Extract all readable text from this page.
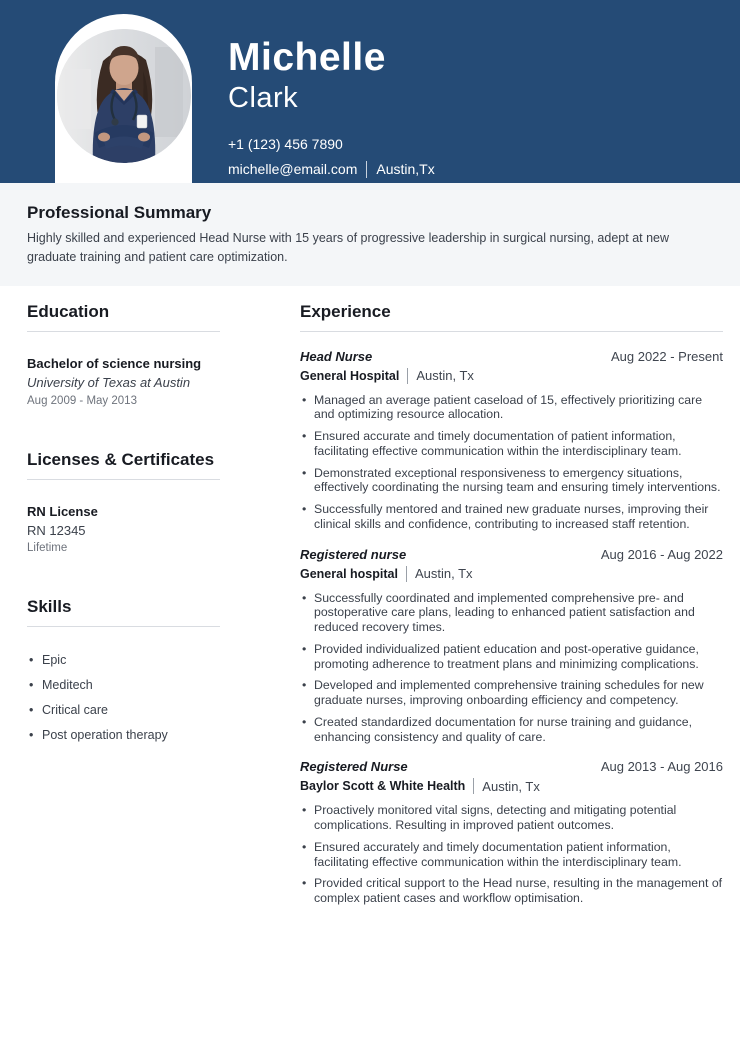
Michelle
Clark
+1 (123) 456 7890
michelle@email.com Austin,Tx
Professional Summary

Highly skilled and experienced Head Nurse with 15 years of progressive leadership in surgical nursing, adept at new graduate training and patient care optimization.

Education
Bachelor of science nursing
University of Texas at Austin
Aug 2009 - May 2013
Licenses & Certificates
RN License
RN 12345
Lifetime
Skills
• Epic
• Meditech
• Critical care
• Post operation therapy
Experience
Head Nurse	Aug 2022 - Present
General Hospital Austin, Tx
• Managed an average patient caseload of 15, effectively prioritizing care and optimizing resource allocation.
• Ensured accurate and timely documentation of patient information, facilitating effective communication within the interdisciplinary team.
• Demonstrated exceptional responsiveness to emergency situations, effectively coordinating the nursing team and ensuring timely interventions.
• Successfully mentored and trained new graduate nurses, improving their clinical skills and confidence, contributing to increased staff retention.
Registered nurse	Aug 2016 - Aug 2022
General hospital Austin, Tx
• Successfully coordinated and implemented comprehensive pre- and postoperative care plans, leading to enhanced patient satisfaction and reduced recovery times.
• Provided individualized patient education and post-operative guidance, promoting adherence to treatment plans and minimizing complications.
• Developed and implemented comprehensive training schedules for new graduate nurses, improving onboarding efficiency and competency.
• Created standardized documentation for nurse training and guidance, enhancing consistency and quality of care.
Registered Nurse	Aug 2013 - Aug 2016
Baylor Scott & White Health Austin, Tx
• Proactively monitored vital signs, detecting and mitigating potential complications. Resulting in improved patient outcomes.
• Ensured accurately and timely documentation patient information, facilitating effective communication within the interdisciplinary team.
• Provided critical support to the Head nurse, resulting in the management of complex patient cases and workflow optimisation.
